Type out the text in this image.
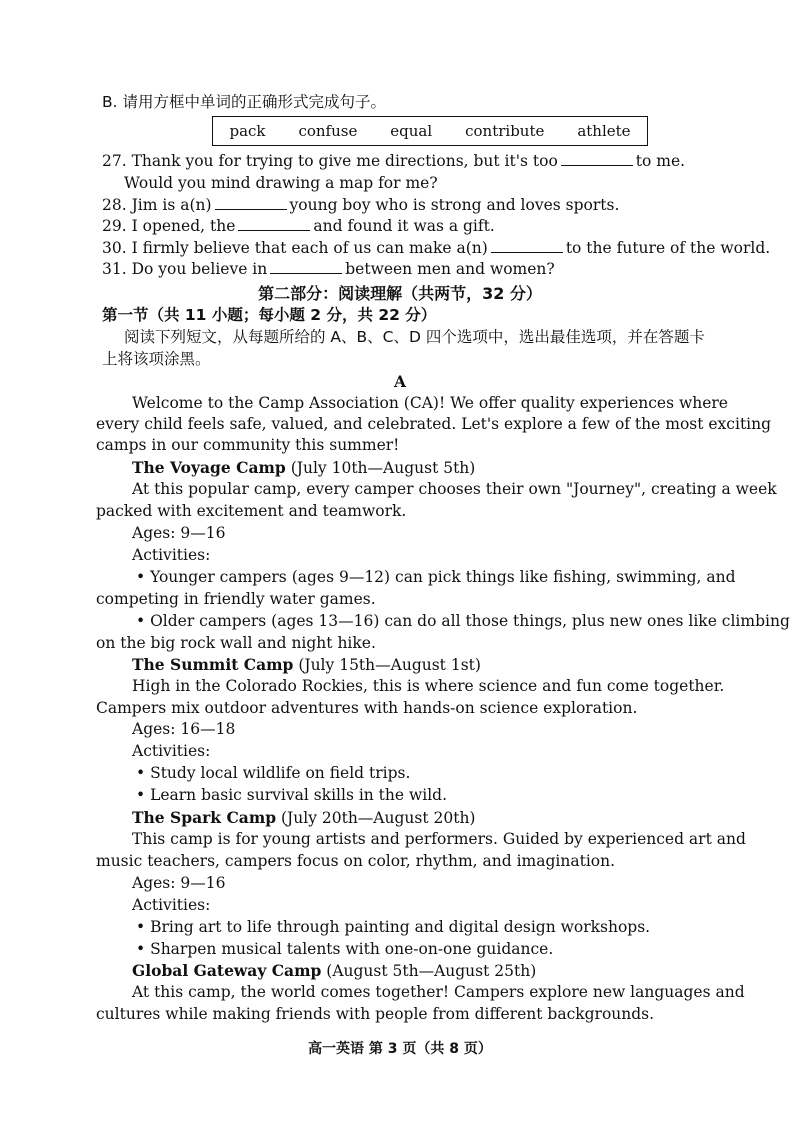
B. 请用方框中单词的正确形式完成句子。
pack confuse equal contribute athlete
27. Thank you for trying to give me directions, but it's too	to me.
Would you mind drawing a map for me?
28. Jim is a(n)	young boy who is strong and loves sports.
29. I opened, the	and found it was a gift.
30. I firmly believe that each of us can make a(n)	to the future of the world.
31. Do you believe in	between men and women?
第二部分：阅读理解（共两节，32 分）
第一节（共 11 小题；每小题 2 分，共 22 分）
阅读下列短文，从每题所给的 A、B、C、D 四个选项中，选出最佳选项，并在答题卡
上将该项涂黑。
A
Welcome to the Camp Association (CA)! We offer quality experiences where
every child feels safe, valued, and celebrated. Let's explore a few of the most exciting
camps in our community this summer!
The Voyage Camp (July 10th—August 5th)
At this popular camp, every camper chooses their own "Journey", creating a week
packed with excitement and teamwork.
Ages: 9—16
Activities:
• Younger campers (ages 9—12) can pick things like fishing, swimming, and
competing in friendly water games.
• Older campers (ages 13—16) can do all those things, plus new ones like climbing
on the big rock wall and night hike.
The Summit Camp (July 15th—August 1st)
High in the Colorado Rockies, this is where science and fun come together.
Campers mix outdoor adventures with hands-on science exploration.
Ages: 16—18
Activities:
• Study local wildlife on field trips.
• Learn basic survival skills in the wild.
The Spark Camp (July 20th—August 20th)
This camp is for young artists and performers. Guided by experienced art and
music teachers, campers focus on color, rhythm, and imagination.
Ages: 9—16
Activities:
• Bring art to life through painting and digital design workshops.
• Sharpen musical talents with one-on-one guidance.
Global Gateway Camp (August 5th—August 25th)
At this camp, the world comes together! Campers explore new languages and
cultures while making friends with people from different backgrounds.
高一英语 第 3 页（共 8 页）
